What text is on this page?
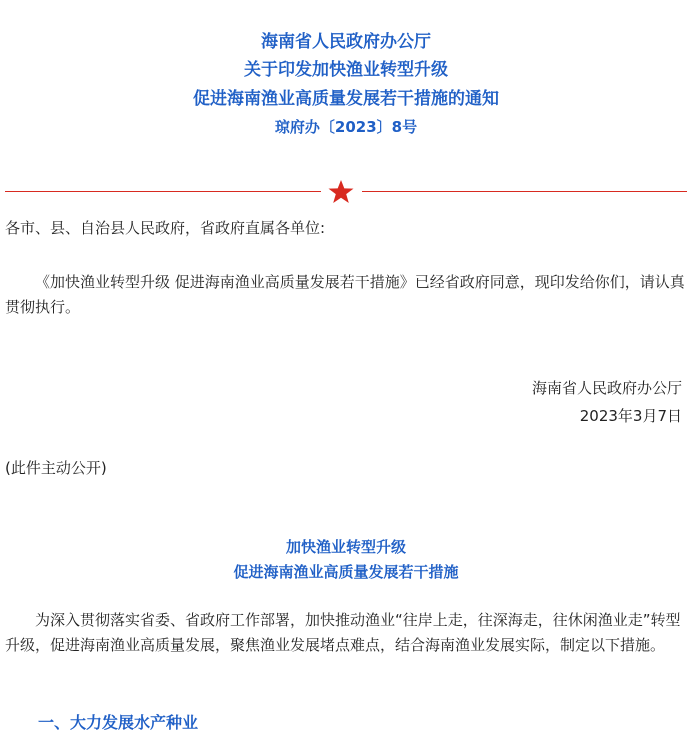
海南省人民政府办公厅
关于印发加快渔业转型升级
促进海南渔业高质量发展若干措施的通知
琼府办〔2023〕8号
各市、县、自治县人民政府，省政府直属各单位:
《加快渔业转型升级 促进海南渔业高质量发展若干措施》已经省政府同意，现印发给你们，请认真贯彻执行。
海南省人民政府办公厅
2023年3月7日
(此件主动公开)
加快渔业转型升级
促进海南渔业高质量发展若干措施
为深入贯彻落实省委、省政府工作部署，加快推动渔业“往岸上走，往深海走，往休闲渔业走”转型升级，促进海南渔业高质量发展，聚焦渔业发展堵点难点，结合海南渔业发展实际，制定以下措施。
一、大力发展水产种业
